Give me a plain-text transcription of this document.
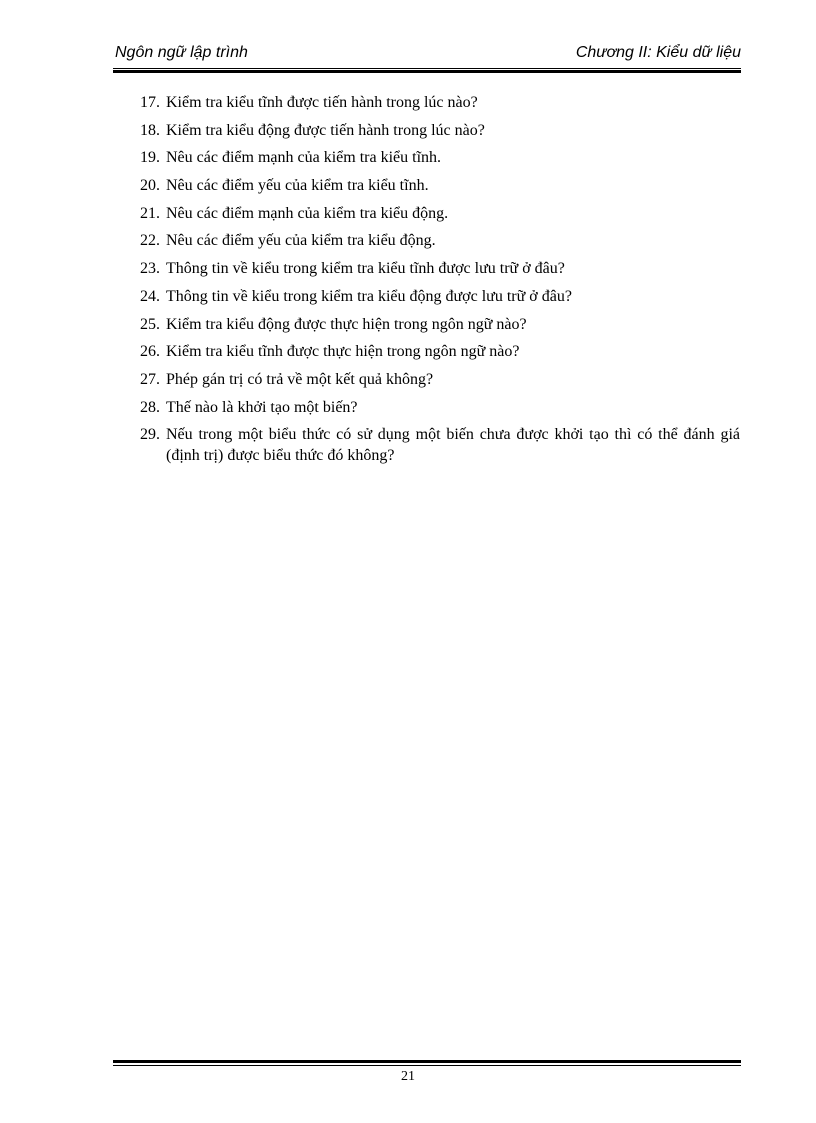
Ngôn ngữ lập trình	Chương II: Kiểu dữ liệu
17. Kiểm tra kiểu tĩnh được tiến hành trong lúc nào?
18. Kiểm tra kiểu động được tiến hành trong lúc nào?
19. Nêu các điểm mạnh của kiểm tra kiểu tĩnh.
20. Nêu các điểm yếu của kiểm tra kiểu tĩnh.
21. Nêu các điểm mạnh của kiểm tra kiểu động.
22. Nêu các điểm yếu của kiểm tra kiểu động.
23. Thông tin về kiểu trong kiểm tra kiểu tĩnh được lưu trữ ở đâu?
24. Thông tin về kiểu trong kiểm tra kiểu động được lưu trữ ở đâu?
25. Kiểm tra kiểu động được thực hiện trong ngôn ngữ nào?
26. Kiểm tra kiểu tĩnh được thực hiện trong ngôn ngữ nào?
27. Phép gán trị có trả về một kết quả không?
28. Thế nào là khởi tạo một biến?
29. Nếu trong một biểu thức có sử dụng một biến chưa được khởi tạo thì có thể đánh giá (định trị) được biểu thức đó không?
21
